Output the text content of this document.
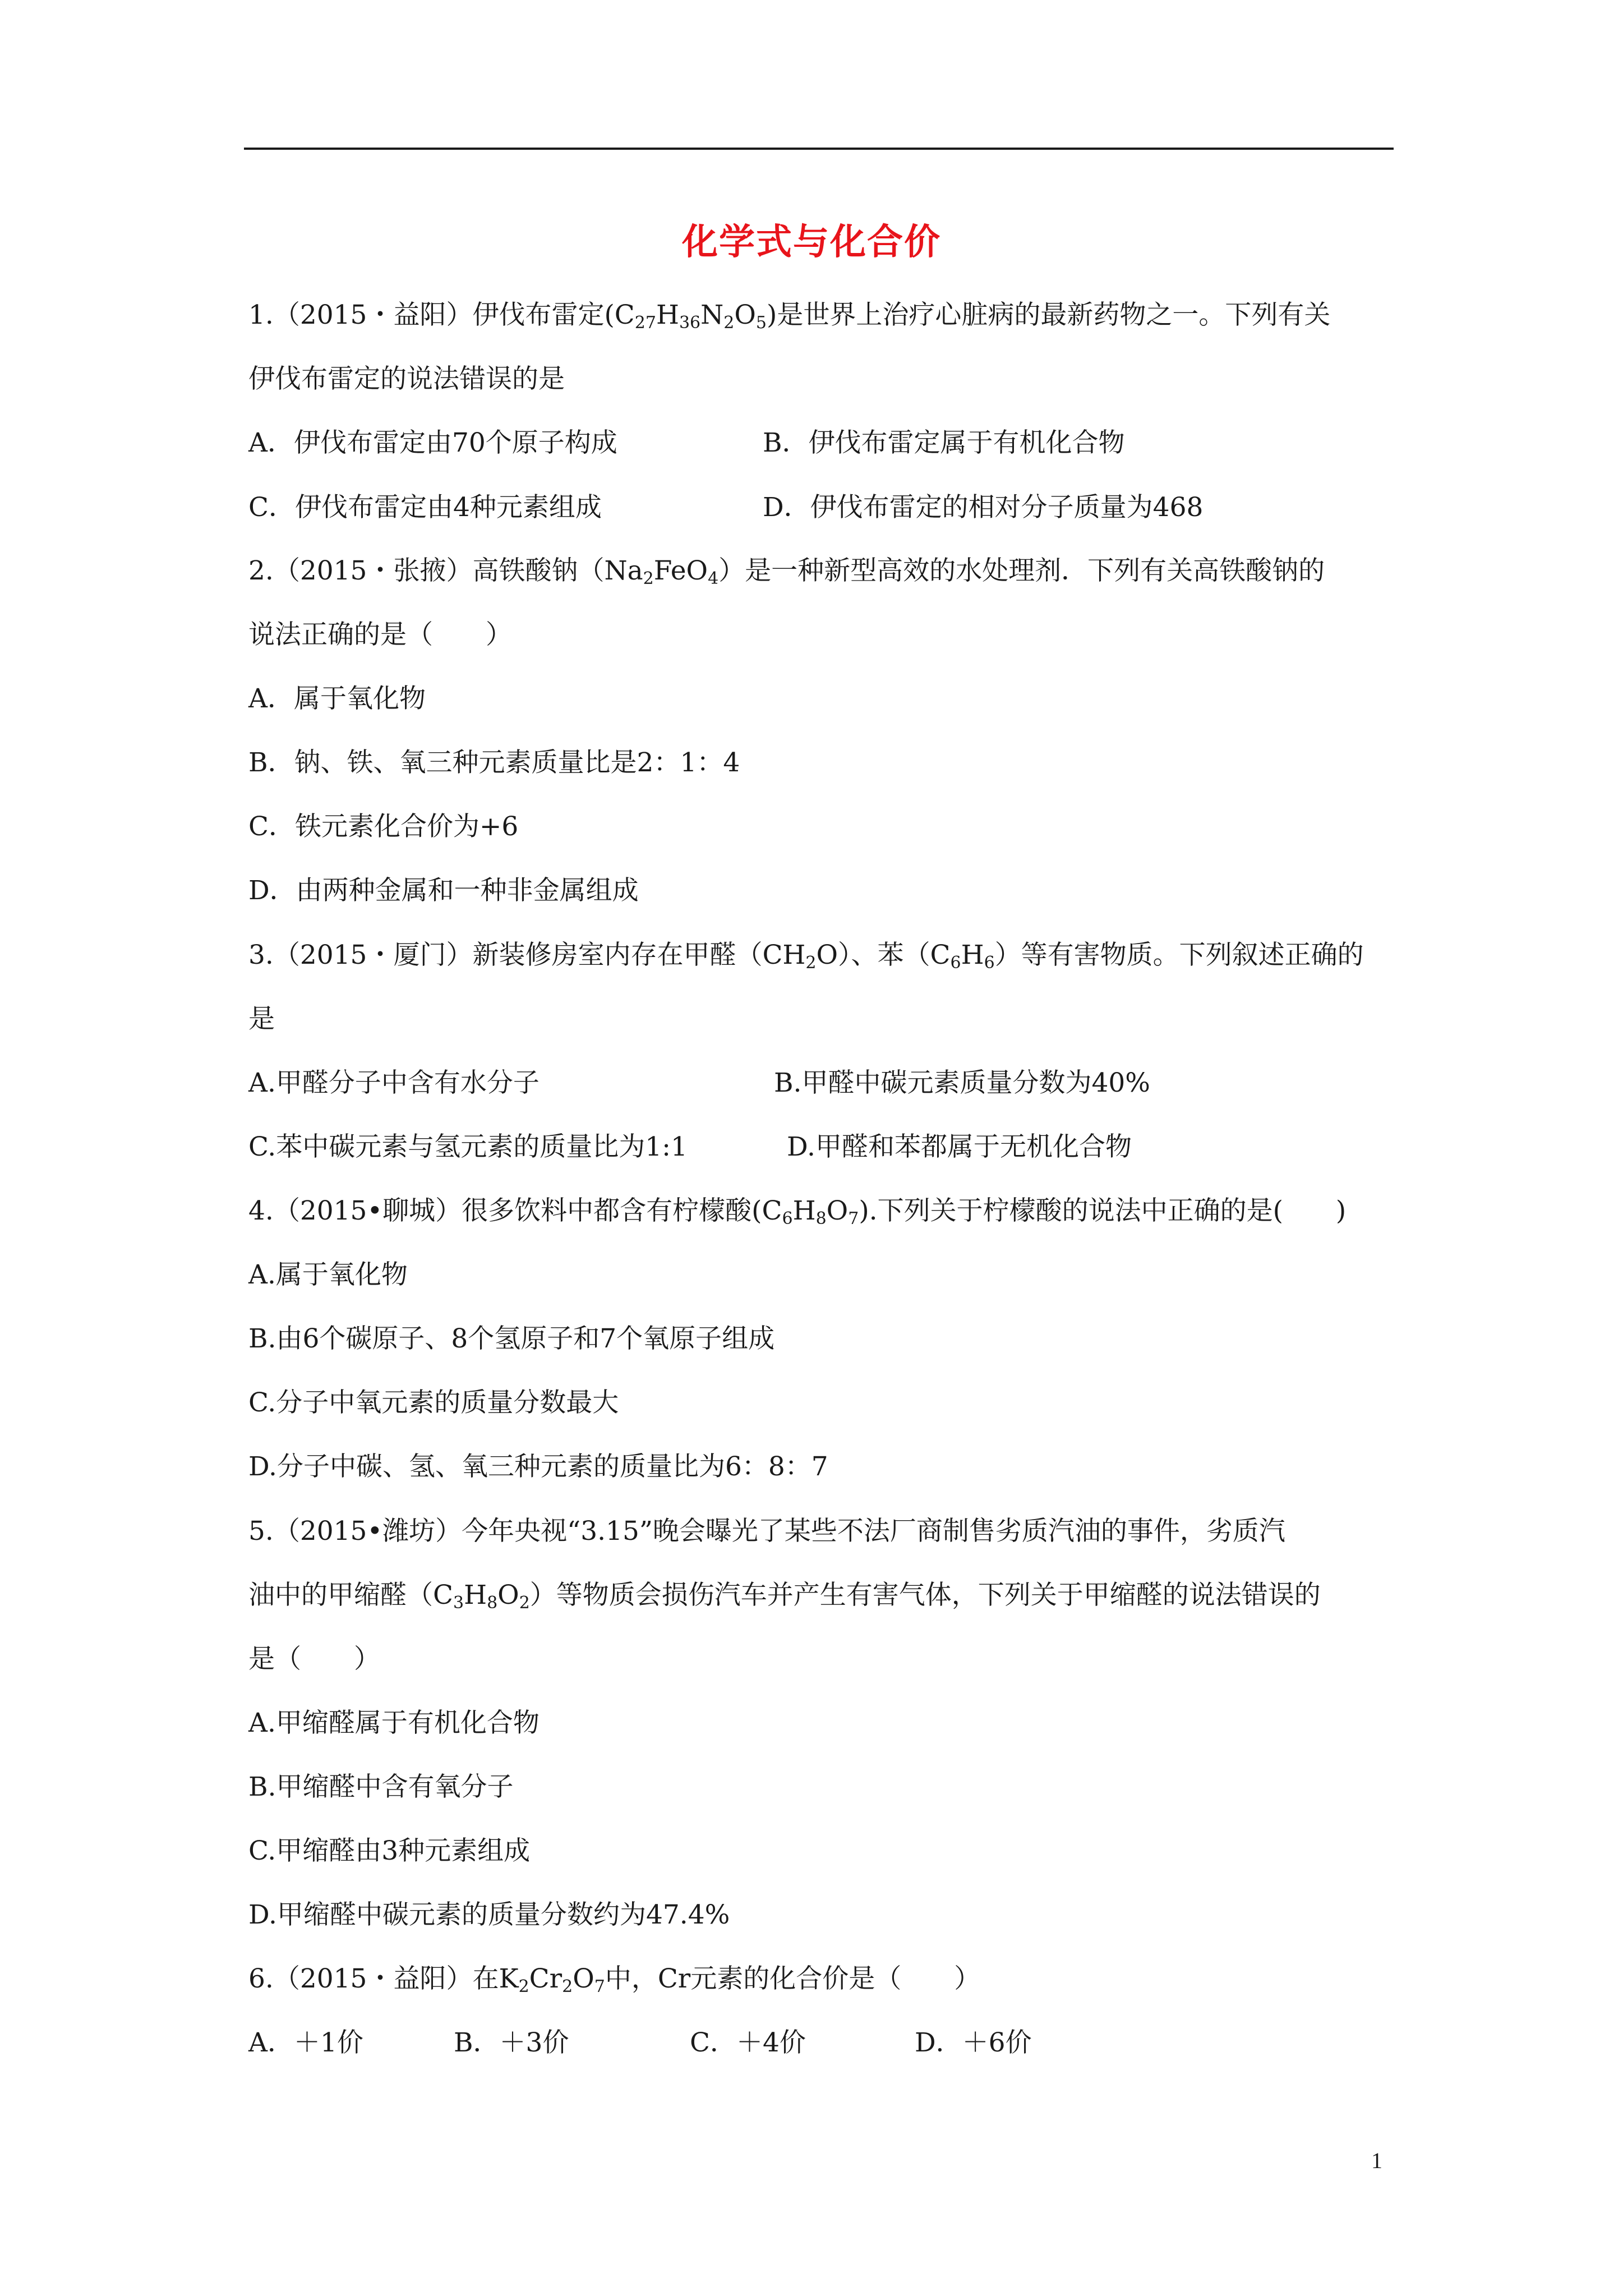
化学式与化合价
1.（2015・益阳）伊伐布雷定$(C_{27}H_{36}N_2O_5)$是世界上治疗心脏病的最新药物之一。下列有关
伊伐布雷定的说法错误的是
A．伊伐布雷定由70个原子构成	B．伊伐布雷定属于有机化合物
C．伊伐布雷定由4种元素组成	D．伊伐布雷定的相对分子质量为468
2.（2015・张掖）高铁酸钠$(Na_2FeO_4)$是一种新型高效的水处理剂．下列有关高铁酸钠的
说法正确的是（　　）
A．属于氧化物
B．钠、铁、氧三种元素质量比是2：1：4
C．铁元素化合价为+6
D．由两种金属和一种非金属组成
3.（2015・厦门）新装修房室内存在甲醛$(CH_2O)$、苯$(C_6H_6)$等有害物质。下列叙述正确的
是
A.甲醛分子中含有水分子	B.甲醛中碳元素质量分数为40%
C.苯中碳元素与氢元素的质量比为1:1	D.甲醛和苯都属于无机化合物
4.（2015•聊城）很多饮料中都含有柠檬酸$(C_6H_8O_7)$.下列关于柠檬酸的说法中正确的是(　　)
A.属于氧化物
B.由6个碳原子、8个氢原子和7个氧原子组成
C.分子中氧元素的质量分数最大
D.分子中碳、氢、氧三种元素的质量比为6：8：7
5.（2015•潍坊）今年央视“3.15”晚会曝光了某些不法厂商制售劣质汽油的事件，劣质汽
油中的甲缩醛$(C_3H_8O_2)$等物质会损伤汽车并产生有害气体，下列关于甲缩醛的说法错误的
是（　　）
A.甲缩醛属于有机化合物
B.甲缩醛中含有氧分子
C.甲缩醛由3种元素组成
D.甲缩醛中碳元素的质量分数约为47.4%
6.（2015・益阳）在$K_2Cr_2O_7$中，Cr元素的化合价是（　　）
A．＋1价	B．＋3价	C．＋4价	D．＋6价
1
